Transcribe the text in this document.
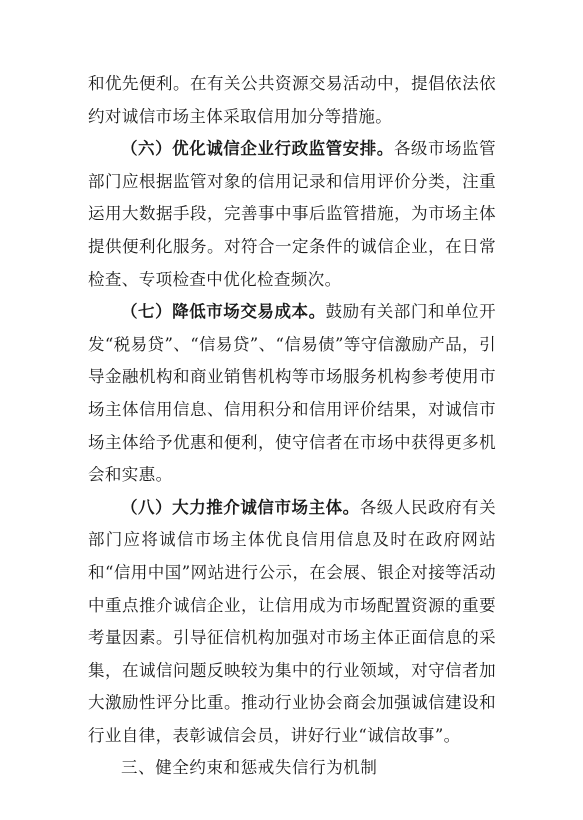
和优先便利。在有关公共资源交易活动中，提倡依法依约对诚信市场主体采取信用加分等措施。

（六）优化诚信企业行政监管安排。各级市场监管部门应根据监管对象的信用记录和信用评价分类，注重运用大数据手段，完善事中事后监管措施，为市场主体提供便利化服务。对符合一定条件的诚信企业，在日常检查、专项检查中优化检查频次。

（七）降低市场交易成本。鼓励有关部门和单位开发“税易贷”、“信易贷”、“信易债”等守信激励产品，引导金融机构和商业销售机构等市场服务机构参考使用市场主体信用信息、信用积分和信用评价结果，对诚信市场主体给予优惠和便利，使守信者在市场中获得更多机会和实惠。

（八）大力推介诚信市场主体。各级人民政府有关部门应将诚信市场主体优良信用信息及时在政府网站和“信用中国”网站进行公示，在会展、银企对接等活动中重点推介诚信企业，让信用成为市场配置资源的重要考量因素。引导征信机构加强对市场主体正面信息的采集，在诚信问题反映较为集中的行业领域，对守信者加大激励性评分比重。推动行业协会商会加强诚信建设和行业自律，表彰诚信会员，讲好行业“诚信故事”。

三、健全约束和惩戒失信行为机制
